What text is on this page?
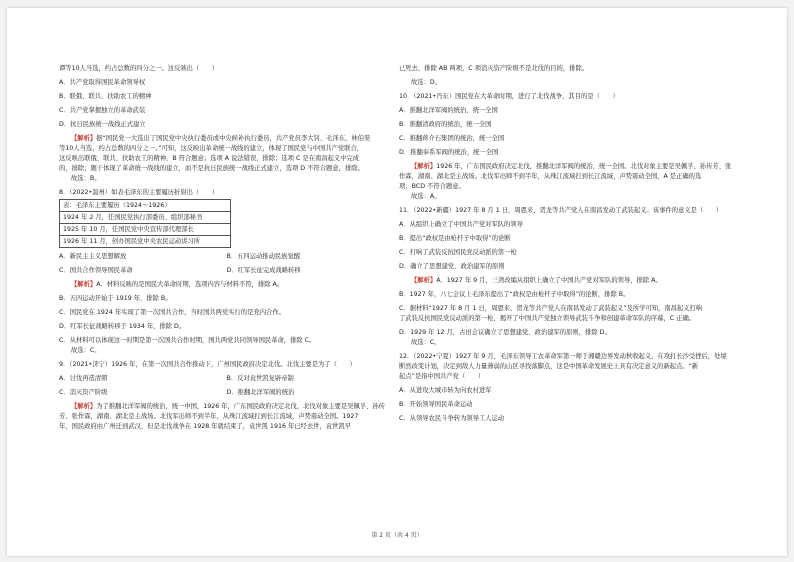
谭等10人当选，约占总数的四分之一。这反映出（　　）
A．共产党取得国民革命领导权
B．联俄、联共、扶助农工的精神
C．共产党掌握独立的革命武装
D．抗日民族统一战线正式建立
【解析】据“国民党一大选出了国民党中央执行委员或中央候补执行委员，共产党员李大钊、毛泽东、林伯渠
等10人当选，约占总数的四分之一。”可知，这反映出革命统一战线的建立，体现了国民党与中国共产党联合，
这反映出联俄、联共、扶助农工的精神，B 符合题意；选项 A 说法错误，排除；选项 C 是在南昌起义中完成
的，排除；题干体现了革命统一战线的建立，而不是抗日民族统一战线正式建立，选项 D 不符合题意，排除。
故选：B。
8．（2022•温州）如表毛泽东的主要履历折射出（　　）
表：毛泽东主要履历（1924～1926）
1924 年 2 月，任国民党执行部委员、组织部秘书
1925 年 10 月，任国民党中央宣传部代理部长
1926 年 11 月，创办国民党中央农民运动讲习所
A．新民主主义思想解放	B．五四运动推动民族觉醒
C．国共合作领导国民革命	D．红军长征完成战略转移
【解析】A．材料反映的是国民大革命时期，选项内容与材料不符，排除 A。
B．五四运动开始于 1919 年，排除 B。
C．国民党在 1924 年实现了第一次国共合作，当时国共两党实行的是党内合作。
D．红军长征战略转移于 1934 年，排除 D。
C．从材料可以体现这一时期是第一次国共合作时期，国共两党共同领导国民革命，排除 C。
故选：C。
9．（2021•济宁）1926 年，在第一次国共合作推动下，广州国民政府决定北伐。北伐主要是为了（　　）
A．讨伐再造清朝	B．反对袁世凯复辟帝制
C．消灭资产阶级	D．推翻北洋军阀的统治
【解析】为了推翻北洋军阀的统治，统一中国，1926 年，广东国民政府决定北伐，北伐对象主要是吴佩孚、孙传
芳、张作霖，湖南、湖北是主战场。北伐军出师不到半年，从珠江流域打到长江流域，声势震动全国。1927
年，国民政府由广州迁到武汉，但是北伐战争在 1928 年就结束了，袁世凯 1916 年已经去世，袁世凯早
已死去，排除 AB 两项，C 项消灭资产阶级不是北伐的目的，排除。
故选：D。
10．（2021•丹东）国民党在大革命时期，进行了北伐战争，其目的是（　　）
A．推翻北洋军阀的统治，统一全国
B．推翻清政府的统治，统一全国
C．推翻蒋介石集团的统治，统一全国
D．推翻奉系军阀的统治，统一全国
【解析】1926 年，广东国民政府决定北伐，推翻北洋军阀的统治，统一全国。北伐对象主要是吴佩孚、孙传芳、张
作霖，湖南、湖北是主战场。北伐军出师不到半年，从珠江流域打到长江流域，声势震动全国，A 是正确的选
项；BCD 不符合题意。
故选：A。
11．（2022•新疆）1927 年 8 月 1 日，周恩来、贺龙等共产党人在南昌发动了武装起义。该事件的意义是（　　）
A．从组织上确立了中国共产党对军队的领导
B．提出“政权是由枪杆子中取得”的论断
C．打响了武装反抗国民党反动派的第一枪
D．确立了思想建党、政治建军的原则
【解析】A．1927 年 9 月，三湾改编从组织上确立了中国共产党对军队的领导，排除 A。
B．1927 年，八七会议上毛泽东提出了“政权是由枪杆子中取得”的论断，排除 B。
C．据材料“1927 年 8 月 1 日，周恩来、贺龙等共产党人在南昌发动了武装起义”及所学可知，南昌起义打响
了武装反抗国民党反动派的第一枪，揭开了中国共产党独立领导武装斗争和创建革命军队的序幕，C 正确。
D．1929 年 12 月，古田会议确立了思想建党、政治建军的原则，排除 D。
故选：C。
12．（2022•宁夏）1927 年 9 月，毛泽东领导工农革命军第一师于湘赣边界发动秋收起义，在攻打长沙受挫后，处境
断然改变计划，决定到敌人力量薄弱的山区寻找落脚点，这是中国革命发展史上具有决定意义的新起点。“新
起点”是指中国共产党（　　）
A．从进攻大城市转为向农村进军
B．开始领导国民革命运动
C．从领导农民斗争转为领导工人运动
第 2 页（共 4 页）
